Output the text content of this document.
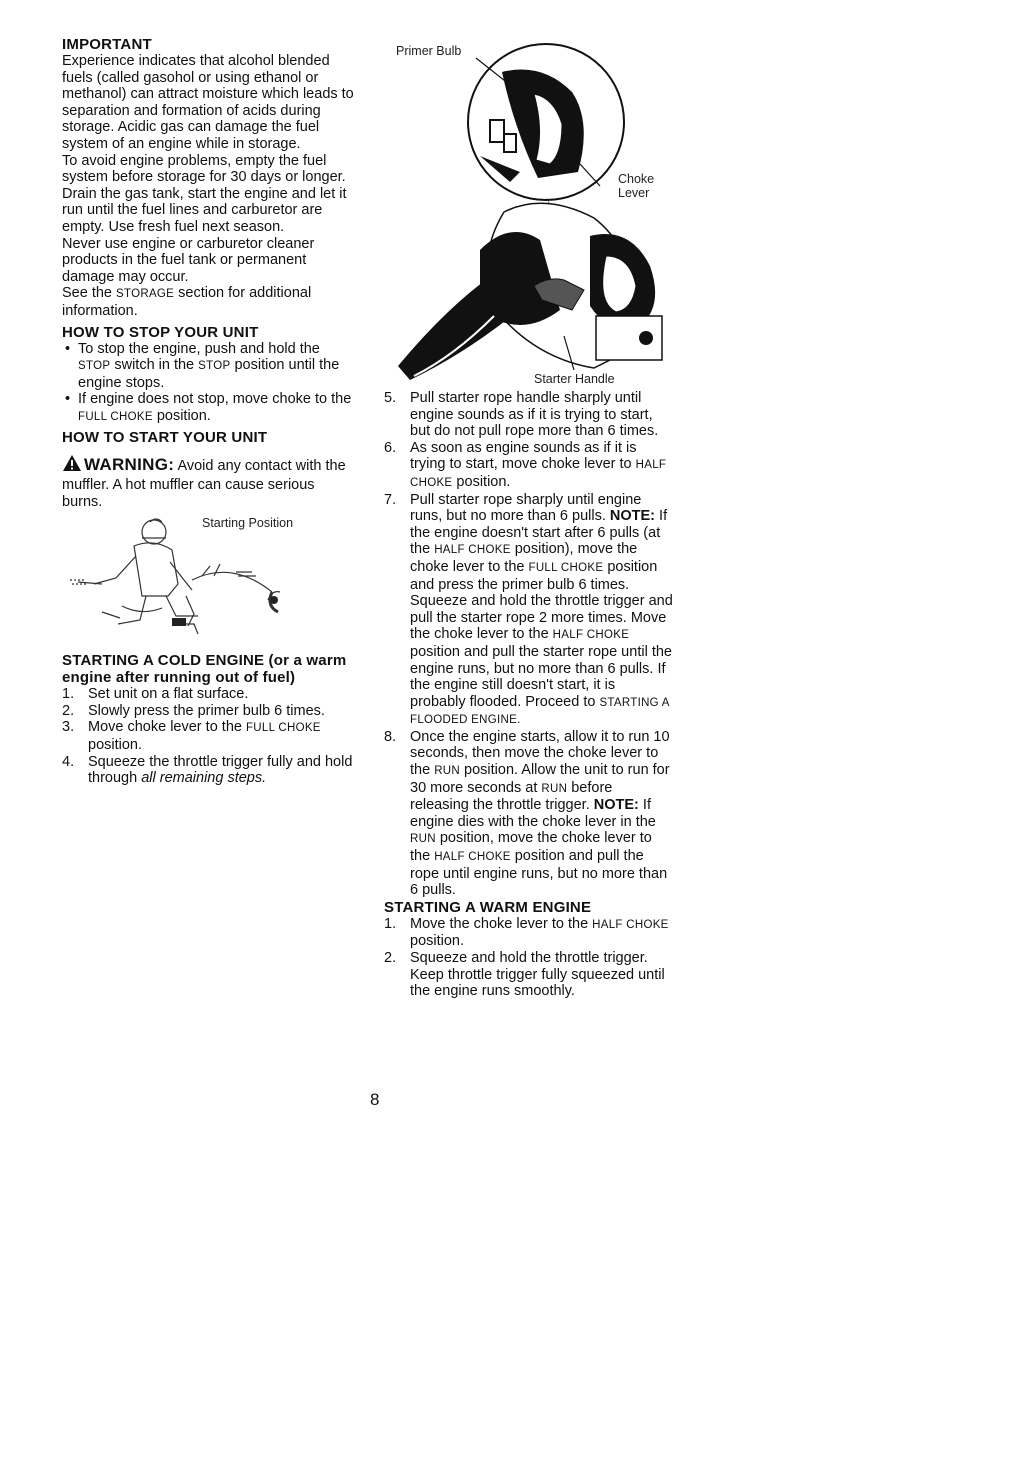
IMPORTANT

Experience indicates that alcohol blended fuels (called gasohol or using ethanol or methanol) can attract moisture which leads to separation and formation of acids during storage. Acidic gas can damage the fuel system of an engine while in storage.

To avoid engine problems, empty the fuel system before storage for 30 days or longer. Drain the gas tank, start the engine and let it run until the fuel lines and carburetor are empty. Use fresh fuel next season.

Never use engine or carburetor cleaner products in the fuel tank or permanent damage may occur.

See the STORAGE section for additional information.

HOW TO STOP YOUR UNIT

• To stop the engine, push and hold the STOP switch in the STOP position until the engine stops.
• If engine does not stop, move choke to the FULL CHOKE position.

HOW TO START YOUR UNIT

WARNING: Avoid any contact with the muffler. A hot muffler can cause serious burns.

Starting Position

STARTING A COLD ENGINE (or a warm engine after running out of fuel)

1. Set unit on a flat surface.
2. Slowly press the primer bulb 6 times.
3. Move choke lever to the FULL CHOKE position.
4. Squeeze the throttle trigger fully and hold through all remaining steps.
Primer Bulb
Choke Lever
Starter Handle
5. Pull starter rope handle sharply until engine sounds as if it is trying to start, but do not pull rope more than 6 times.
6. As soon as engine sounds as if it is trying to start, move choke lever to HALF CHOKE position.
7. Pull starter rope sharply until engine runs, but no more than 6 pulls. NOTE: If the engine doesn't start after 6 pulls (at the HALF CHOKE position), move the choke lever to the FULL CHOKE position and press the primer bulb 6 times. Squeeze and hold the throttle trigger and pull the starter rope 2 more times. Move the choke lever to the HALF CHOKE position and pull the starter rope until the engine runs, but no more than 6 pulls. If the engine still doesn't start, it is probably flooded. Proceed to STARTING A FLOODED ENGINE.
8. Once the engine starts, allow it to run 10 seconds, then move the choke lever to the RUN position. Allow the unit to run for 30 more seconds at RUN before releasing the throttle trigger. NOTE: If engine dies with the choke lever in the RUN position, move the choke lever to the HALF CHOKE position and pull the rope until engine runs, but no more than 6 pulls.

STARTING A WARM ENGINE

1. Move the choke lever to the HALF CHOKE position.
2. Squeeze and hold the throttle trigger. Keep throttle trigger fully squeezed until the engine runs smoothly.
8
